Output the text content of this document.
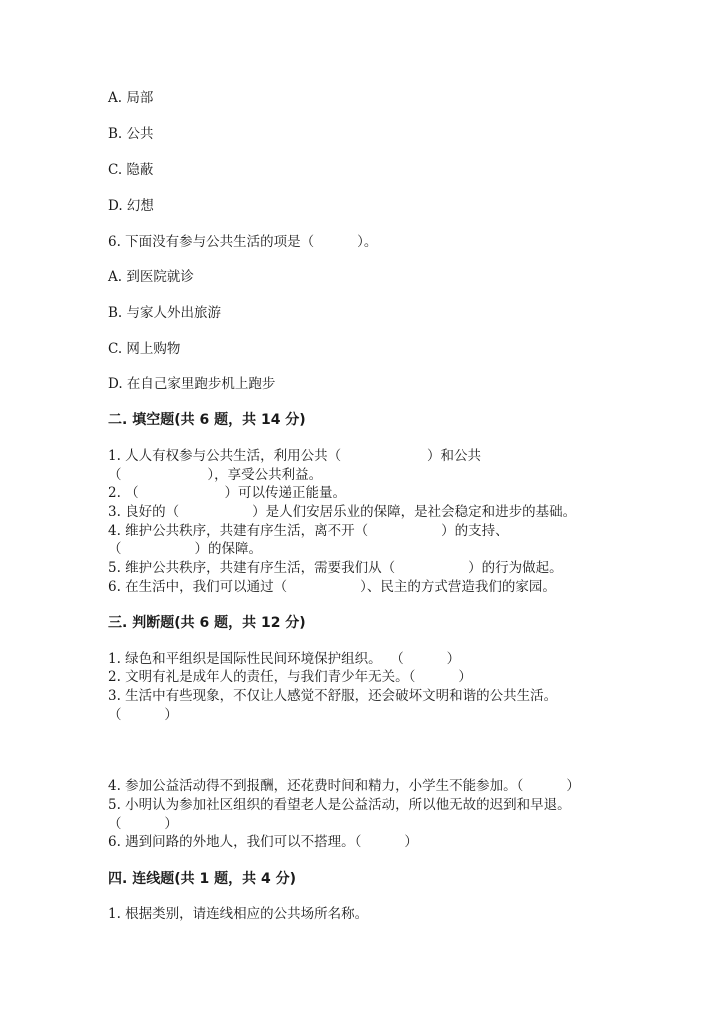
A. 局部
B. 公共
C. 隐蔽
D. 幻想
6. 下面没有参与公共生活的项是（          ）。
A. 到医院就诊
B. 与家人外出旅游
C. 网上购物
D. 在自己家里跑步机上跑步
二. 填空题(共 6 题，共 14 分)
1. 人人有权参与公共生活，利用公共（                    ）和公共
（                    ），享受公共利益。
2. （                    ）可以传递正能量。
3. 良好的（                 ）是人们安居乐业的保障，是社会稳定和进步的基础。
4. 维护公共秩序，共建有序生活，离不开（                 ）的支持、
（                 ）的保障。
5. 维护公共秩序，共建有序生活，需要我们从（                 ）的行为做起。
6. 在生活中，我们可以通过（                 ）、民主的方式营造我们的家园。
三. 判断题(共 6 题，共 12 分)
1. 绿色和平组织是国际性民间环境保护组织。  （          ）
2. 文明有礼是成年人的责任，与我们青少年无关。（          ）
3. 生活中有些现象，不仅让人感觉不舒服，还会破坏文明和谐的公共生活。
（          ）
4. 参加公益活动得不到报酬，还花费时间和精力，小学生不能参加。（          ）
5. 小明认为参加社区组织的看望老人是公益活动，所以他无故的迟到和早退。
（          ）
6. 遇到问路的外地人，我们可以不搭理。（          ）
四. 连线题(共 1 题，共 4 分)
1. 根据类别，请连线相应的公共场所名称。
